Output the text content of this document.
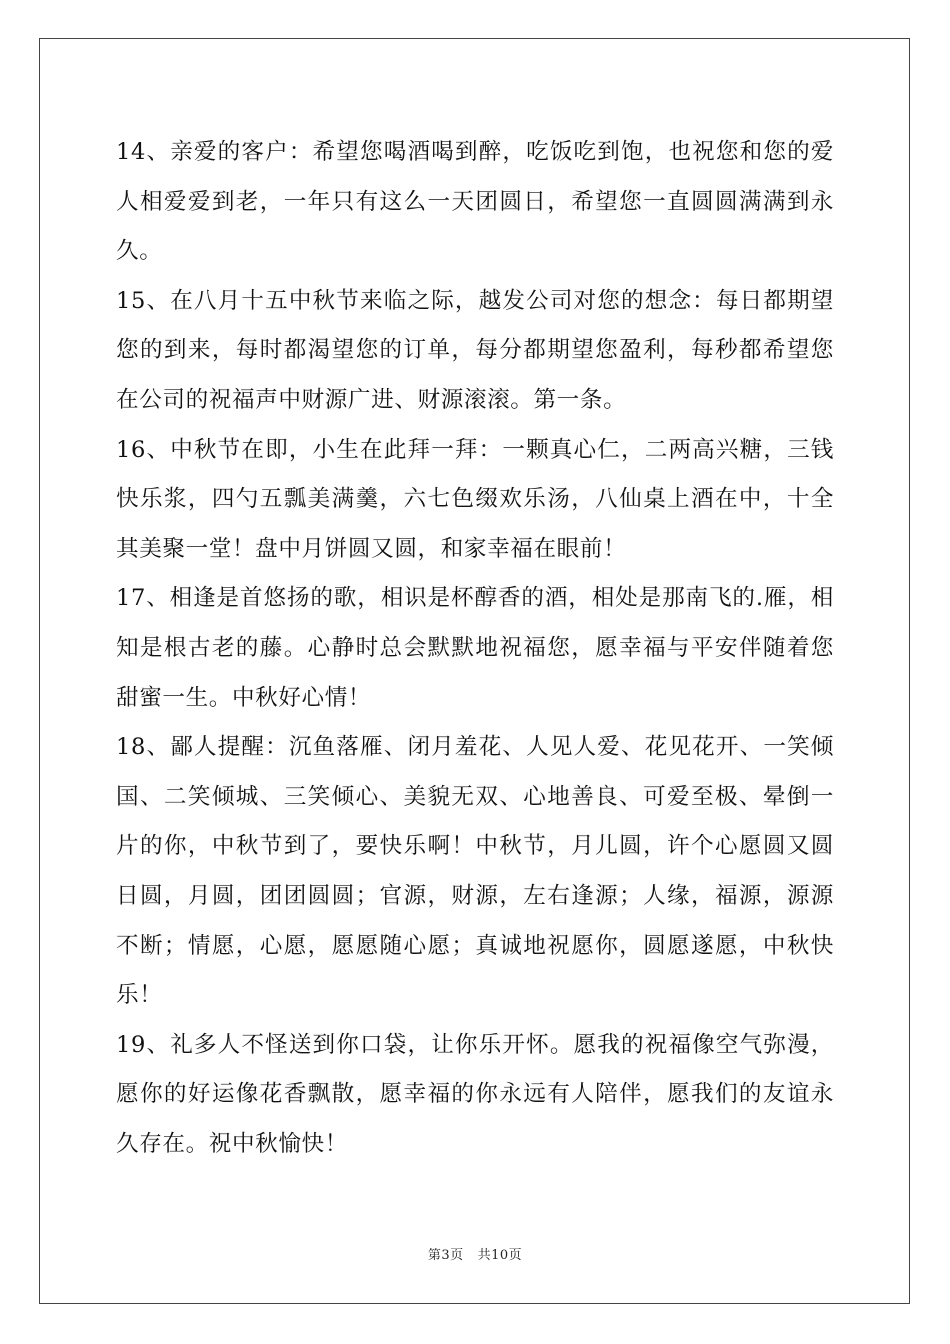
14、亲爱的客户：希望您喝酒喝到醉，吃饭吃到饱，也祝您和您的爱人相爱爱到老，一年只有这么一天团圆日，希望您一直圆圆满满到永久。

15、在八月十五中秋节来临之际，越发公司对您的想念：每日都期望您的到来，每时都渴望您的订单，每分都期望您盈利，每秒都希望您在公司的祝福声中财源广进、财源滚滚。第一条。

16、中秋节在即，小生在此拜一拜：一颗真心仁，二两高兴糖，三钱快乐浆，四勺五瓢美满羹，六七色缀欢乐汤，八仙桌上酒在中，十全其美聚一堂！盘中月饼圆又圆，和家幸福在眼前！

17、相逢是首悠扬的歌，相识是杯醇香的酒，相处是那南飞的.雁，相知是根古老的藤。心静时总会默默地祝福您，愿幸福与平安伴随着您甜蜜一生。中秋好心情！

18、鄙人提醒：沉鱼落雁、闭月羞花、人见人爱、花见花开、一笑倾国、二笑倾城、三笑倾心、美貌无双、心地善良、可爱至极、晕倒一片的你，中秋节到了，要快乐啊！中秋节，月儿圆，许个心愿圆又圆日圆，月圆，团团圆圆；官源，财源，左右逢源；人缘，福源，源源不断；情愿，心愿，愿愿随心愿；真诚地祝愿你，圆愿遂愿，中秋快乐！

19、礼多人不怪送到你口袋，让你乐开怀。愿我的祝福像空气弥漫，愿你的好运像花香飘散，愿幸福的你永远有人陪伴，愿我们的友谊永久存在。祝中秋愉快！

第3页 共10页
